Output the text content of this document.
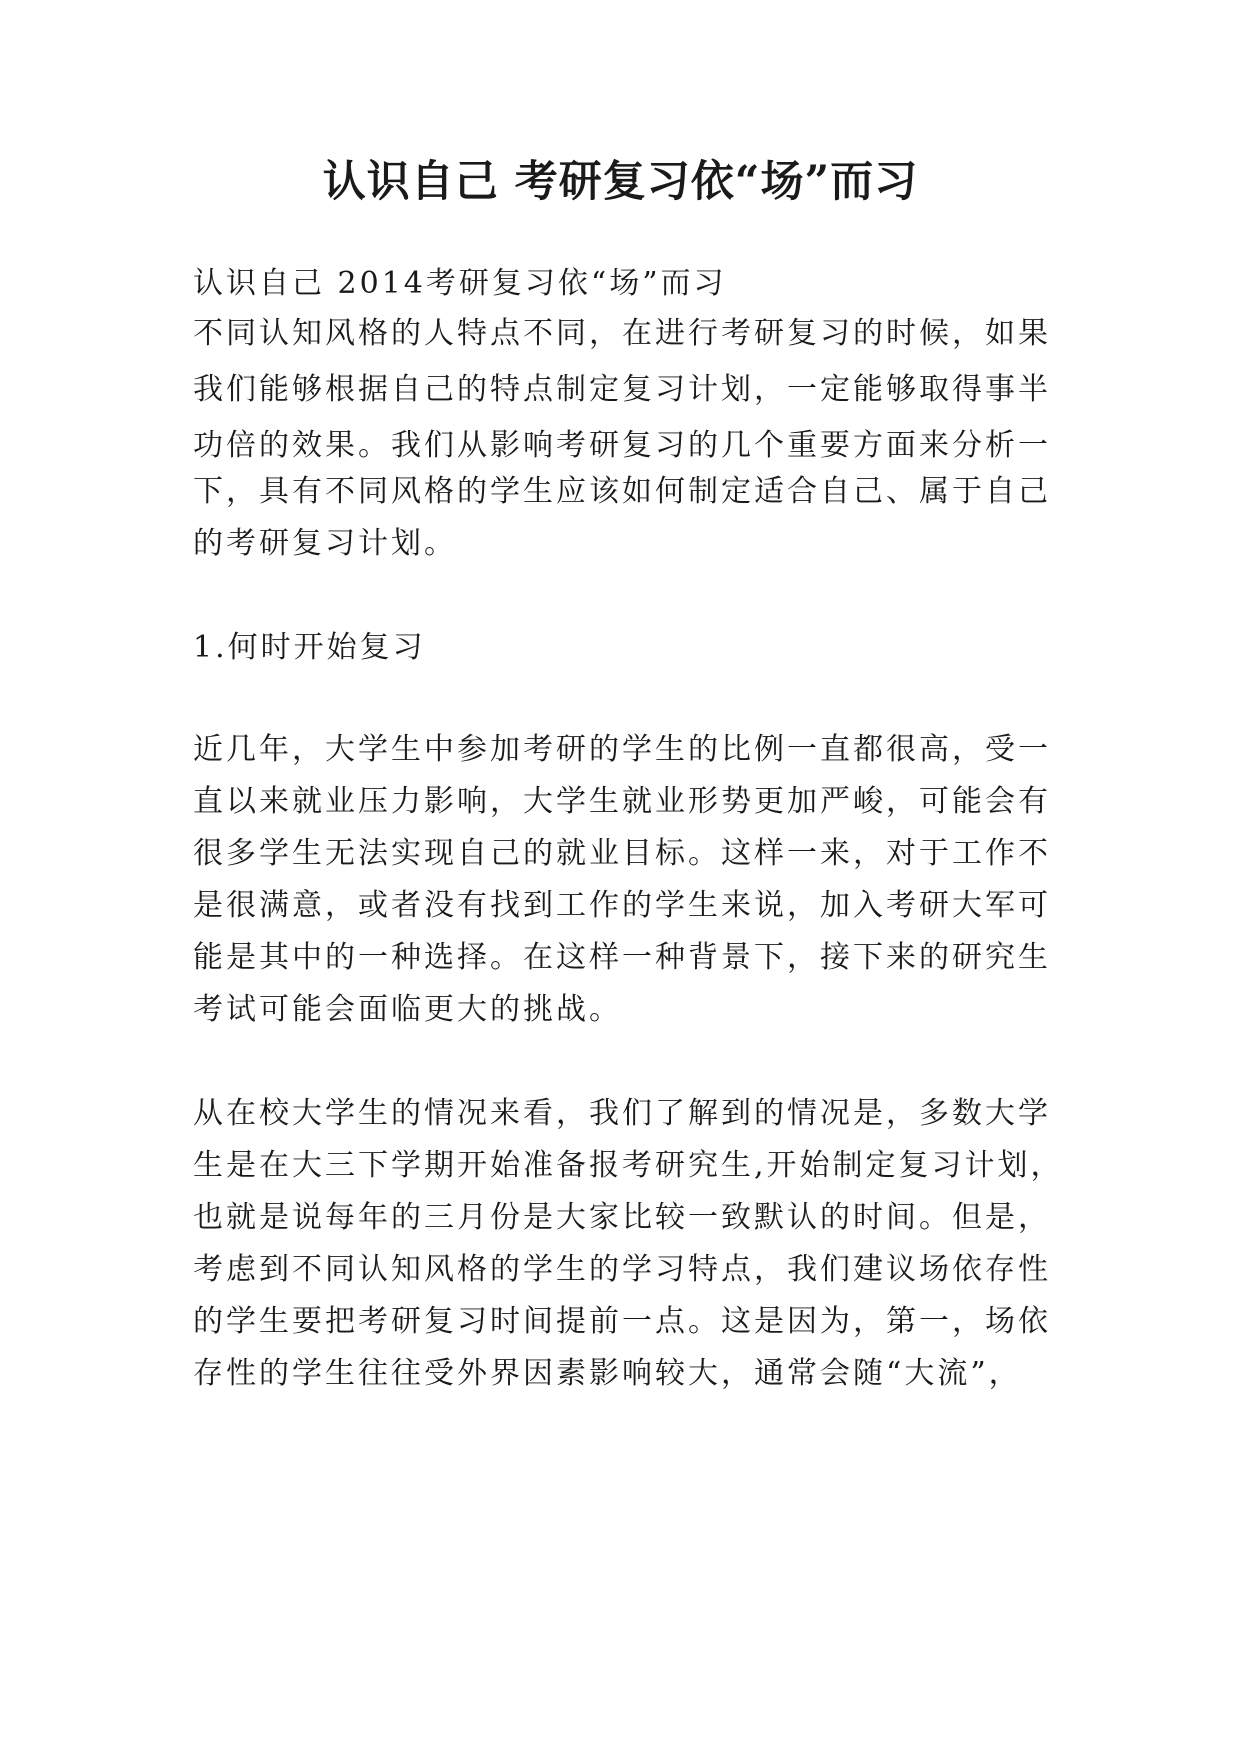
认识自己 考研复习依“场”而习

认识自己 2014考研复习依“场”而习

不同认知风格的人特点不同，在进行考研复习的时候，如果

我们能够根据自己的特点制定复习计划，一定能够取得事半

功倍的效果。我们从影响考研复习的几个重要方面来分析一

下，具有不同风格的学生应该如何制定适合自己、属于自己

的考研复习计划。

1.何时开始复习

近几年，大学生中参加考研的学生的比例一直都很高，受一

直以来就业压力影响，大学生就业形势更加严峻，可能会有

很多学生无法实现自己的就业目标。这样一来，对于工作不

是很满意，或者没有找到工作的学生来说，加入考研大军可

能是其中的一种选择。在这样一种背景下，接下来的研究生

考试可能会面临更大的挑战。

从在校大学生的情况来看，我们了解到的情况是，多数大学

生是在大三下学期开始准备报考研究生,开始制定复习计划，

也就是说每年的三月份是大家比较一致默认的时间。但是，

考虑到不同认知风格的学生的学习特点，我们建议场依存性

的学生要把考研复习时间提前一点。这是因为，第一，场依

存性的学生往往受外界因素影响较大，通常会随“大流”，
